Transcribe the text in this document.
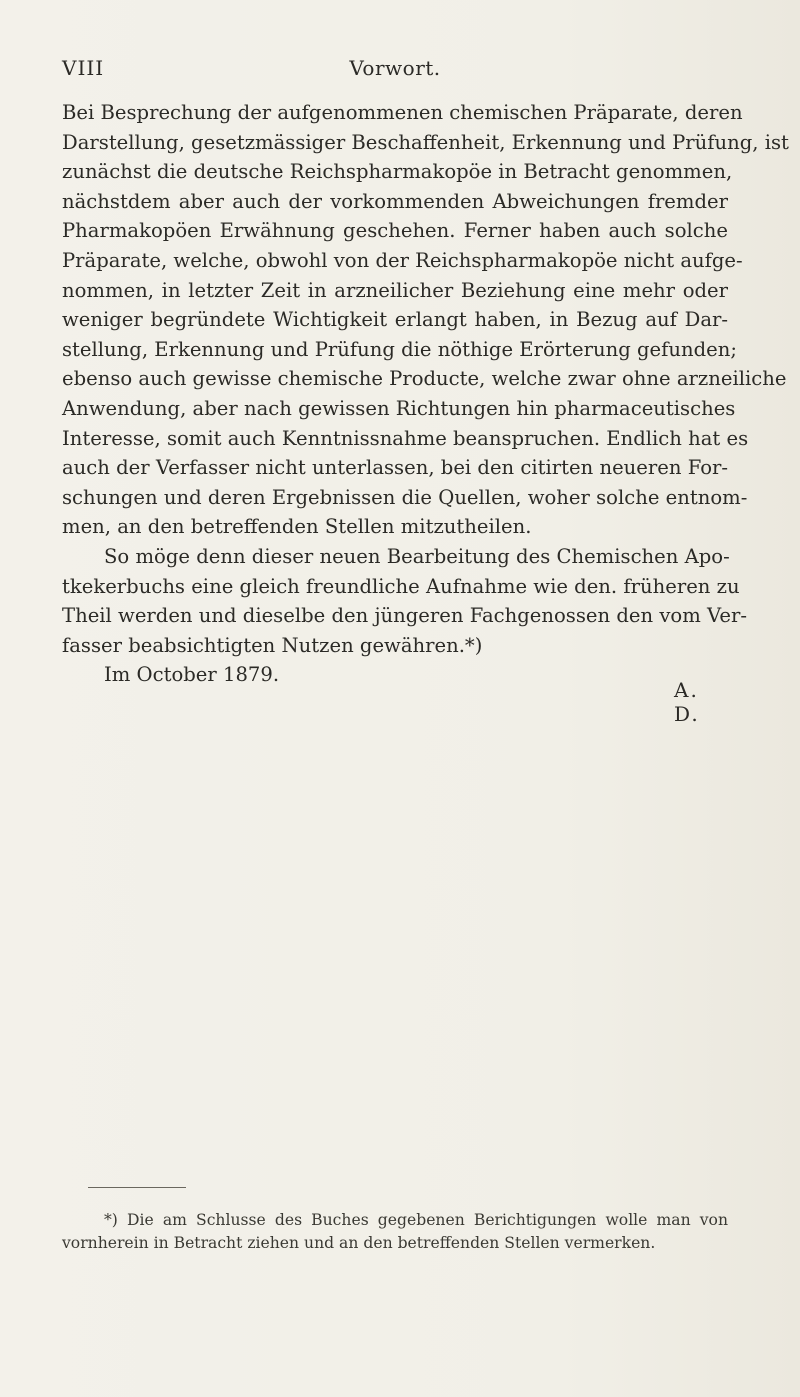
VIII	Vorwort.
Bei Besprechung der aufgenommenen chemischen Präparate, deren
Darstellung, gesetzmässiger Beschaffenheit, Erkennung und Prüfung, ist
zunächst die deutsche Reichspharmakopöe in Betracht genommen,
nächstdem aber auch der vorkommenden Abweichungen fremder
Pharmakopöen Erwähnung geschehen. Ferner haben auch solche
Präparate, welche, obwohl von der Reichspharmakopöe nicht aufge-
nommen, in letzter Zeit in arzneilicher Beziehung eine mehr oder
weniger begründete Wichtigkeit erlangt haben, in Bezug auf Dar-
stellung, Erkennung und Prüfung die nöthige Erörterung gefunden;
ebenso auch gewisse chemische Producte, welche zwar ohne arzneiliche
Anwendung, aber nach gewissen Richtungen hin pharmaceutisches
Interesse, somit auch Kenntnissnahme beanspruchen. Endlich hat es
auch der Verfasser nicht unterlassen, bei den citirten neueren For-
schungen und deren Ergebnissen die Quellen, woher solche entnom-
men, an den betreffenden Stellen mitzutheilen.
So möge denn dieser neuen Bearbeitung des Chemischen Apo-
tkekerbuchs eine gleich freundliche Aufnahme wie den. früheren zu
Theil werden und dieselbe den jüngeren Fachgenossen den vom Ver-
fasser beabsichtigten Nutzen gewähren.*)
Im October 1879.
A. D.
*) Die am Schlusse des Buches gegebenen Berichtigungen wolle man von
vornherein in Betracht ziehen und an den betreffenden Stellen vermerken.
